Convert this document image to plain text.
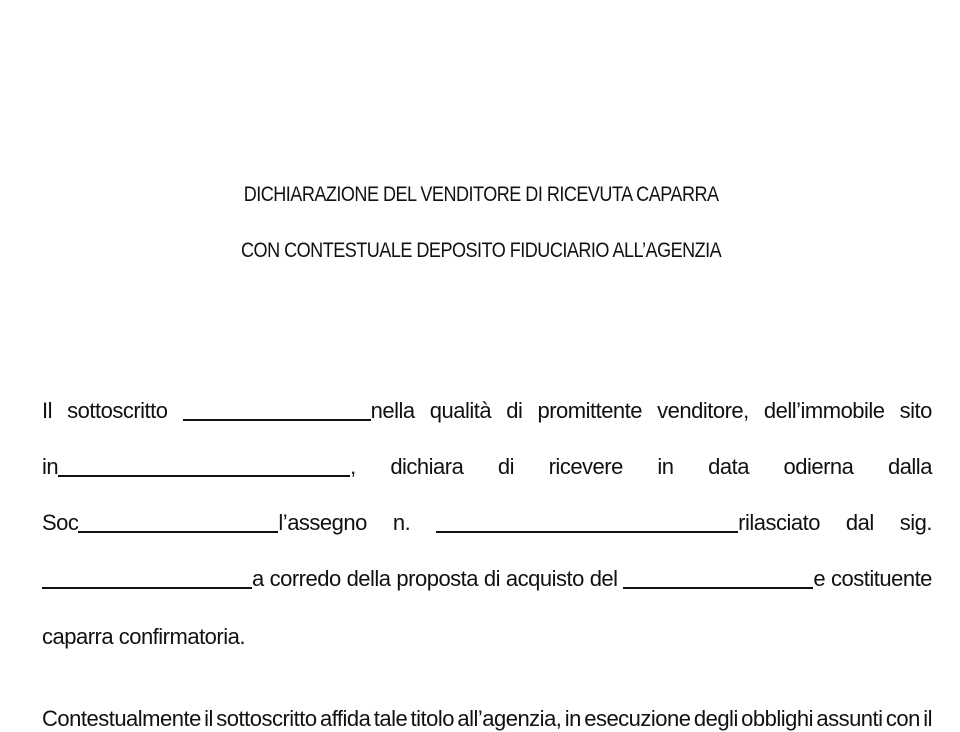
DICHIARAZIONE DEL VENDITORE DI RICEVUTA CAPARRA
CON CONTESTUALE DEPOSITO FIDUCIARIO ALL’AGENZIA
Il sottoscritto	nella qualità di promittente venditore, dell’immobile sito
in	, dichiara di ricevere in data odierna dalla
Soc	l’assegno n.	rilasciato dal sig.
a corredo della proposta di acquisto del	e costituente
caparra confirmatoria.
Contestualmente il sottoscritto affida tale titolo all’agenzia, in esecuzione degli obblighi assunti con il
